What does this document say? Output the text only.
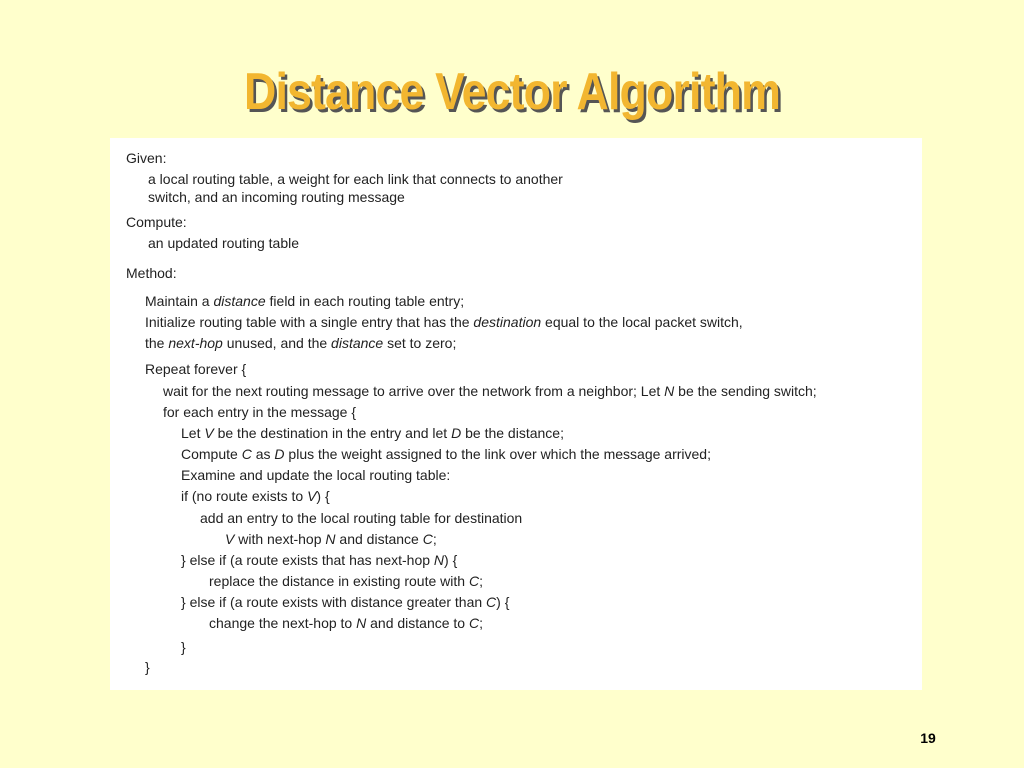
Distance Vector Algorithm
Given:
a local routing table, a weight for each link that connects to another
switch, and an incoming routing message
Compute:
an updated routing table
Method:
Maintain a distance field in each routing table entry;
Initialize routing table with a single entry that has the destination equal to the local packet switch,
the next-hop unused, and the distance set to zero;
Repeat forever {
wait for the next routing message to arrive over the network from a neighbor; Let N be the sending switch;
for each entry in the message {
Let V be the destination in the entry and let D be the distance;
Compute C as D plus the weight assigned to the link over which the message arrived;
Examine and update the local routing table:
if (no route exists to V) {
add an entry to the local routing table for destination
V with next-hop N and distance C;
} else if (a route exists that has next-hop N) {
replace the distance in existing route with C;
} else if (a route exists with distance greater than C) {
change the next-hop to N and distance to C;
}
}
19
